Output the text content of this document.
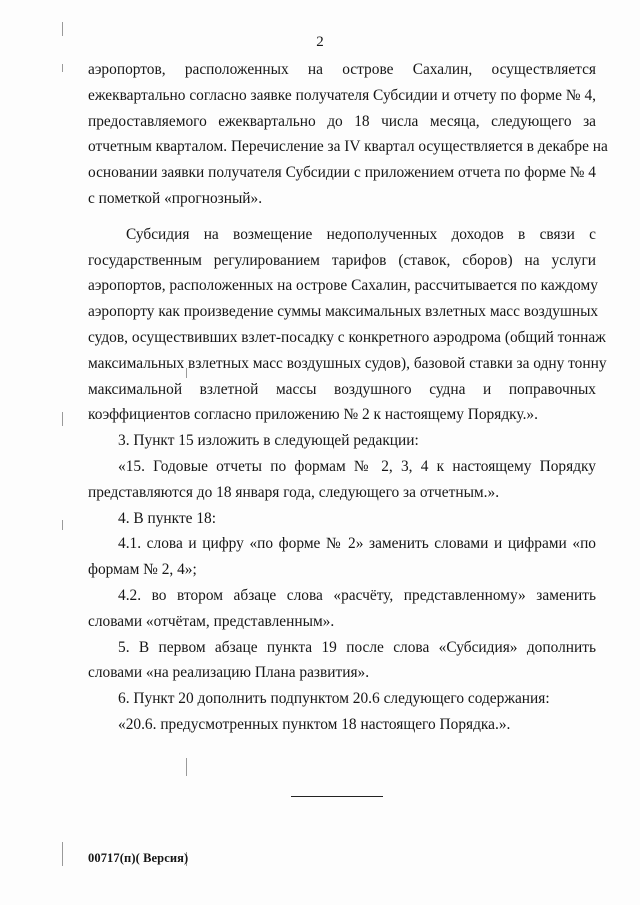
2
аэропортов, расположенных на острове Сахалин, осуществляется
ежеквартально согласно заявке получателя Субсидии и отчету по форме № 4,
предоставляемого ежеквартально до 18 числа месяца, следующего за
отчетным кварталом. Перечисление за IV квартал осуществляется в декабре на
основании заявки получателя Субсидии с приложением отчета по форме № 4
с пометкой «прогнозный».
Субсидия на возмещение недополученных доходов в связи с
государственным регулированием тарифов (ставок, сборов) на услуги
аэропортов, расположенных на острове Сахалин, рассчитывается по каждому
аэропорту как произведение суммы максимальных взлетных масс воздушных
судов, осуществивших взлет-посадку с конкретного аэродрома (общий тоннаж
максимальных взлетных масс воздушных судов), базовой ставки за одну тонну
максимальной взлетной массы воздушного судна и поправочных
коэффициентов согласно приложению № 2 к настоящему Порядку.».
3. Пункт 15 изложить в следующей редакции:
«15. Годовые отчеты по формам № 2, 3, 4 к настоящему Порядку
представляются до 18 января года, следующего за отчетным.».
4. В пункте 18:
4.1. слова и цифру «по форме № 2» заменить словами и цифрами «по
формам № 2, 4»;
4.2. во втором абзаце слова «расчёту, представленному» заменить
словами «отчётам, представленным».
5. В первом абзаце пункта 19 после слова «Субсидия» дополнить
словами «на реализацию Плана развития».
6. Пункт 20 дополнить подпунктом 20.6 следующего содержания:
«20.6. предусмотренных пунктом 18 настоящего Порядка.».
00717(п)( Версия)
